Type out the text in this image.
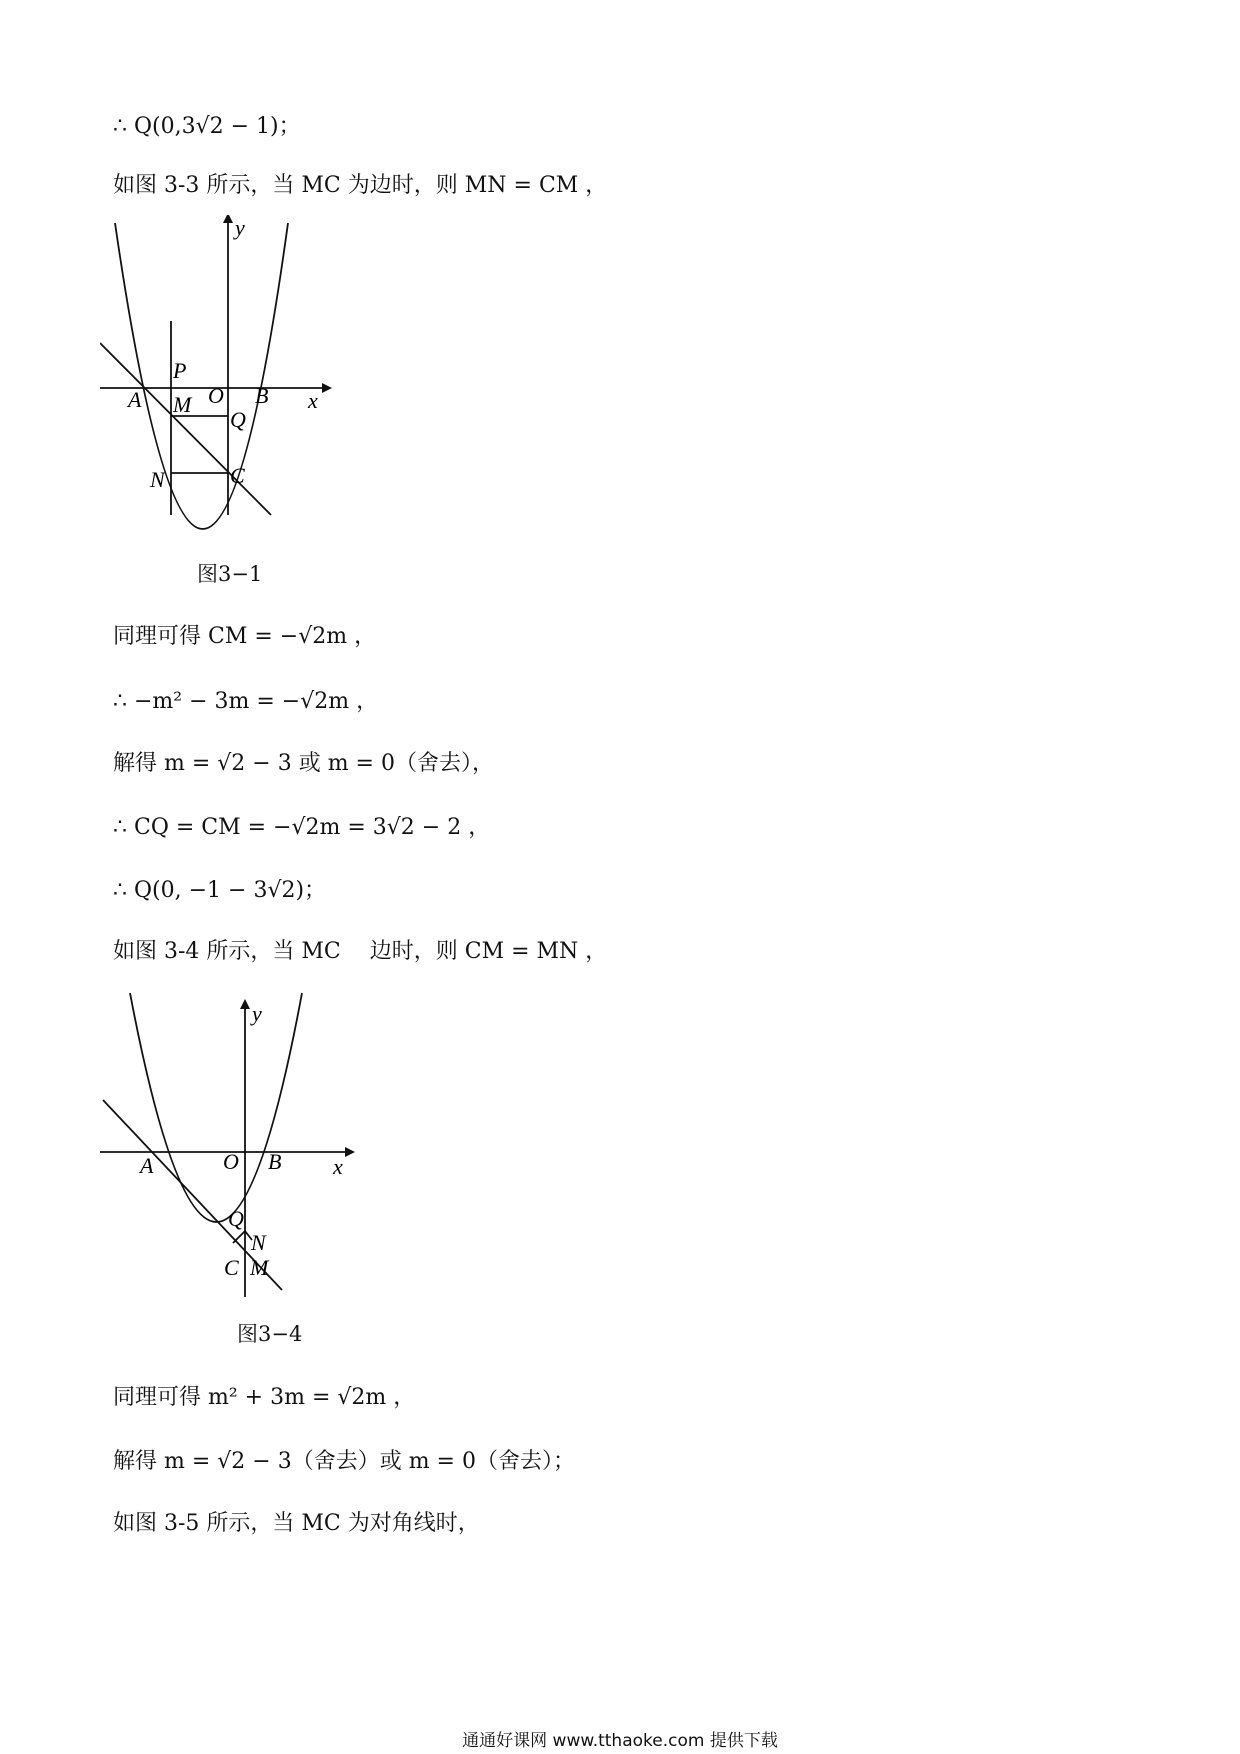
∴ Q(0,3√2 − 1)；
如图 3-3 所示，当 MC 为边时，则 MN = CM ，
y
x
P
A M O
Q
B
N	C
图3−1
同理可得 CM = −√2m ，
∴ −m² − 3m = −√2m ，
解得 m = √2 − 3 或 m = 0（舍去），
∴ CQ = CM = −√2m = 3√2 − 2 ，
∴ Q(0, −1 − 3√2)；
如图 3-4 所示，当 MC 　边时，则 CM = MN ，
y
x
A	O B
Q
N
C M
图3−4
同理可得 m² + 3m = √2m ，
解得 m = √2 − 3（舍去）或 m = 0（舍去）；
如图 3-5 所示，当 MC 为对角线时，
通通好课网 www.tthaoke.com 提供下载
